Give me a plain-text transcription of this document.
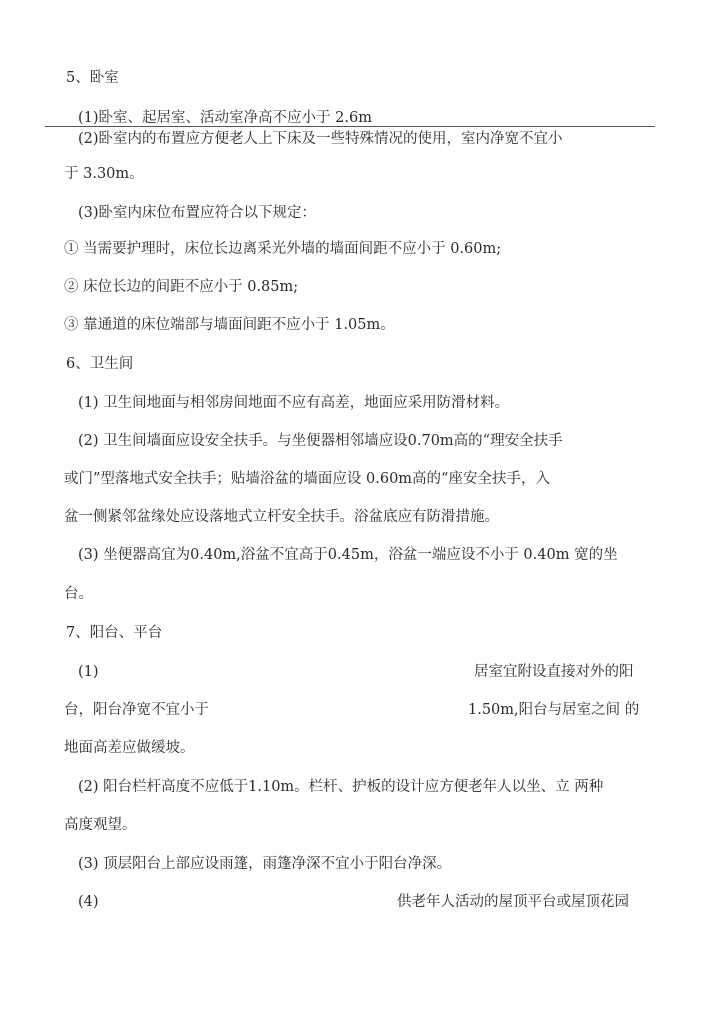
5、卧室
(1)卧室、起居室、活动室净高不应小于 2.6m
(2)卧室内的布置应方便老人上下床及一些特殊情况的使用，室内净宽不宜小
于 3.30m。
(3)卧室内床位布置应符合以下规定：
① 当需要护理时，床位长边离采光外墙的墙面间距不应小于 0.60m;
② 床位长边的间距不应小于 0.85m;
③ 靠通道的床位端部与墙面间距不应小于 1.05m。
6、卫生间
(1) 卫生间地面与相邻房间地面不应有高差，地面应采用防滑材料。
(2) 卫生间墙面应设安全扶手。与坐便器相邻墙应设0.70m高的“理安全扶手
或门”型落地式安全扶手；贴墙浴盆的墙面应设 0.60m高的“座安全扶手，入
盆一侧紧邻盆缘处应设落地式立杆安全扶手。浴盆底应有防滑措施。
(3) 坐便器高宜为0.40m,浴盆不宜高于0.45m，浴盆一端应设不小于 0.40m 宽的坐
台。
7、阳台、平台
(1)	居室宜附设直接对外的阳
台，阳台净宽不宜小于	1.50m,阳台与居室之间 的
地面高差应做缓坡。
(2) 阳台栏杆高度不应低于1.10m。栏杆、护板的设计应方便老年人以坐、立 两种
高度观望。
(3) 顶层阳台上部应设雨篷，雨篷净深不宜小于阳台净深。
(4)	供老年人活动的屋顶平台或屋顶花园
